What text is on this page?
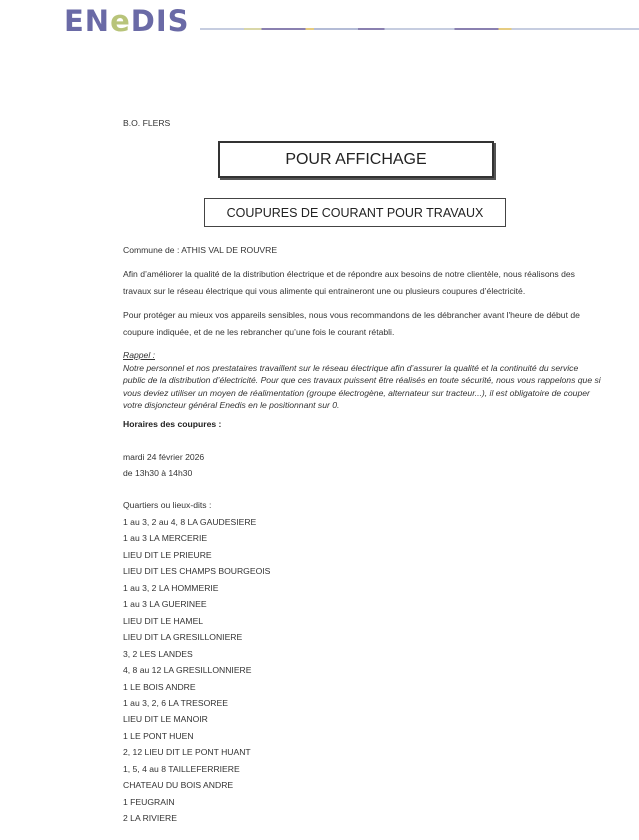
ENeDIS
B.O. FLERS
POUR AFFICHAGE
COUPURES DE COURANT POUR TRAVAUX
Commune de : ATHIS VAL DE ROUVRE
Afin d’améliorer la qualité de la distribution électrique et de répondre aux besoins de notre clientèle, nous réalisons des travaux sur le réseau électrique qui vous alimente qui entraineront une ou plusieurs coupures d’électricité.
Pour protéger au mieux vos appareils sensibles, nous vous recommandons de les débrancher avant l'heure de début de coupure indiquée, et de ne les rebrancher qu’une fois le courant rétabli.
Rappel :
Notre personnel et nos prestataires travaillent sur le réseau électrique afin d’assurer la qualité et la continuité du service public de la distribution d’électricité. Pour que ces travaux puissent être réalisés en toute sécurité, nous vous rappelons que si vous deviez utiliser un moyen de réalimentation (groupe électrogène, alternateur sur tracteur...), il est obligatoire de couper votre disjoncteur général Enedis en le positionnant sur 0.
Horaires des coupures :
mardi 24 février 2026
de 13h30 à 14h30
Quartiers ou lieux-dits :
1 au 3, 2 au 4, 8 LA GAUDESIERE
1 au 3 LA MERCERIE
LIEU DIT LE PRIEURE
LIEU DIT LES CHAMPS BOURGEOIS
1 au 3, 2 LA HOMMERIE
1 au 3 LA GUERINEE
LIEU DIT LE HAMEL
LIEU DIT LA GRESILLONIERE
3, 2 LES LANDES
4, 8 au 12 LA GRESILLONNIERE
1 LE BOIS ANDRE
1 au 3, 2, 6 LA TRESOREE
LIEU DIT LE MANOIR
1 LE PONT HUEN
2, 12 LIEU DIT LE PONT HUANT
1, 5, 4 au 8 TAILLEFERRIERE
CHATEAU DU BOIS ANDRE
1 FEUGRAIN
2 LA RIVIERE
